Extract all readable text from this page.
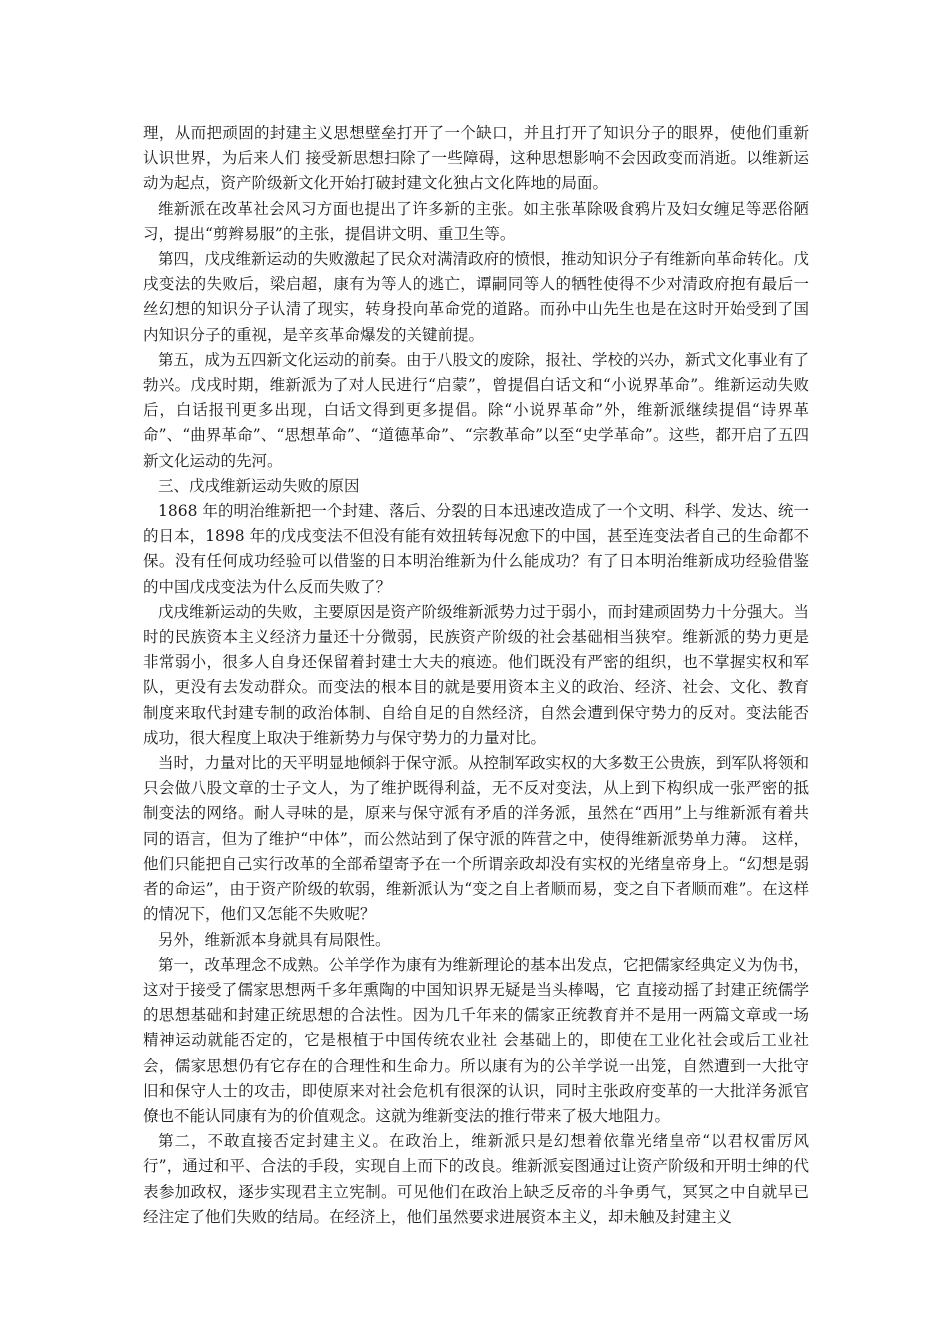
理，从而把顽固的封建主义思想壁垒打开了一个缺口，并且打开了知识分子的眼界，使他们重新认识世界，为后来人们 接受新思想扫除了一些障碍，这种思想影响不会因政变而消逝。以维新运动为起点，资产阶级新文化开始打破封建文化独占文化阵地的局面。

维新派在改革社会风习方面也提出了许多新的主张。如主张革除吸食鸦片及妇女缠足等恶俗陋习，提出“剪辫易服”的主张，提倡讲文明、重卫生等。

第四，戊戌维新运动的失败激起了民众对满清政府的愤恨，推动知识分子有维新向革命转化。戊戌变法的失败后，梁启超，康有为等人的逃亡，谭嗣同等人的牺牲使得不少对清政府抱有最后一丝幻想的知识分子认清了现实，转身投向革命党的道路。而孙中山先生也是在这时开始受到了国内知识分子的重视，是辛亥革命爆发的关键前提。

第五，成为五四新文化运动的前奏。由于八股文的废除，报社、学校的兴办，新式文化事业有了勃兴。戊戌时期，维新派为了对人民进行“启蒙”，曾提倡白话文和“小说界革命”。维新运动失败后，白话报刊更多出现，白话文得到更多提倡。除“小说界革命”外，维新派继续提倡“诗界革命”、“曲界革命”、“思想革命”、“道德革命”、“宗教革命”以至“史学革命”。这些，都开启了五四新文化运动的先河。

三、戊戌维新运动失败的原因

1868 年的明治维新把一个封建、落后、分裂的日本迅速改造成了一个文明、科学、发达、统一的日本，1898 年的戊戌变法不但没有能有效扭转每况愈下的中国，甚至连变法者自己的生命都不保。没有任何成功经验可以借鉴的日本明治维新为什么能成功？有了日本明治维新成功经验借鉴的中国戊戌变法为什么反而失败了？

戊戌维新运动的失败，主要原因是资产阶级维新派势力过于弱小，而封建顽固势力十分强大。当时的民族资本主义经济力量还十分微弱，民族资产阶级的社会基础相当狭窄。维新派的势力更是非常弱小，很多人自身还保留着封建士大夫的痕迹。他们既没有严密的组织，也不掌握实权和军队，更没有去发动群众。而变法的根本目的就是要用资本主义的政治、经济、社会、文化、教育制度来取代封建专制的政治体制、自给自足的自然经济，自然会遭到保守势力的反对。变法能否成功，很大程度上取决于维新势力与保守势力的力量对比。

当时，力量对比的天平明显地倾斜于保守派。从控制军政实权的大多数王公贵族，到军队将领和只会做八股文章的士子文人，为了维护既得利益，无不反对变法，从上到下构织成一张严密的抵制变法的网络。耐人寻味的是，原来与保守派有矛盾的洋务派，虽然在“西用”上与维新派有着共同的语言，但为了维护“中体”，而公然站到了保守派的阵营之中，使得维新派势单力薄。 这样，他们只能把自己实行改革的全部希望寄予在一个所谓亲政却没有实权的光绪皇帝身上。“幻想是弱者的命运”，由于资产阶级的软弱，维新派认为“变之自上者顺而易，变之自下者顺而难”。在这样的情况下，他们又怎能不失败呢？

另外，维新派本身就具有局限性。

第一，改革理念不成熟。公羊学作为康有为维新理论的基本出发点，它把儒家经典定义为伪书，这对于接受了儒家思想两千多年熏陶的中国知识界无疑是当头棒喝，它 直接动摇了封建正统儒学的思想基础和封建正统思想的合法性。因为几千年来的儒家正统教育并不是用一两篇文章或一场精神运动就能否定的，它是根植于中国传统农业社 会基础上的，即使在工业化社会或后工业社会，儒家思想仍有它存在的合理性和生命力。所以康有为的公羊学说一出笼，自然遭到一大批守旧和保守人士的攻击，即使原来对社会危机有很深的认识，同时主张政府变革的一大批洋务派官僚也不能认同康有为的价值观念。这就为维新变法的推行带来了极大地阻力。

第二，不敢直接否定封建主义。在政治上，维新派只是幻想着依靠光绪皇帝“以君权雷厉风行”，通过和平、合法的手段，实现自上而下的改良。维新派妄图通过让资产阶级和开明士绅的代表参加政权，逐步实现君主立宪制。可见他们在政治上缺乏反帝的斗争勇气，冥冥之中自就早已经注定了他们失败的结局。在经济上，他们虽然要求进展资本主义，却未触及封建主义
